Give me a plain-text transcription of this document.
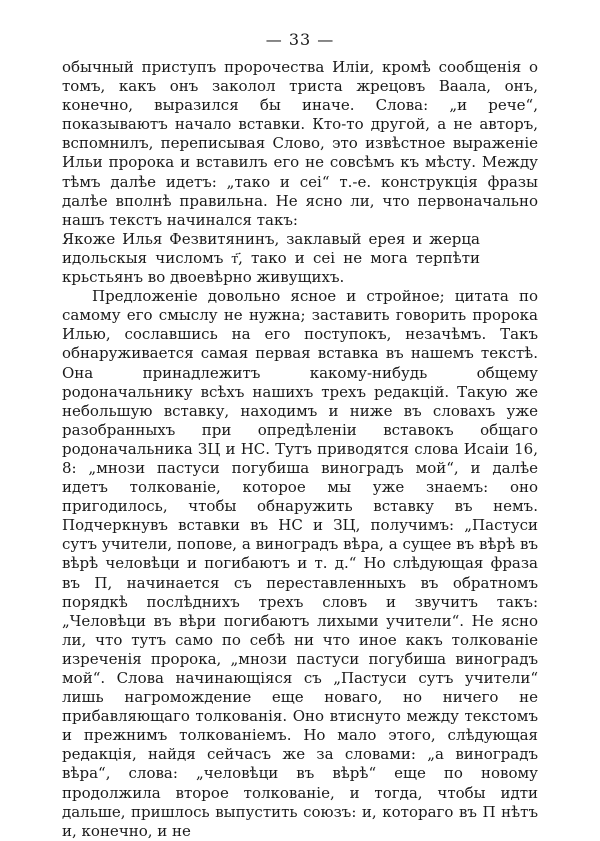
— 33 —

обычный приступъ пророчества Иліи, кромѣ сообщенія о томъ, какъ онъ заколол триста жрецовъ Ваала, онъ, конечно, выразился бы иначе. Слова: „и рече“, показываютъ начало вставки. Кто-то другой, а не авторъ, вспомнилъ, переписывая Слово, это извѣстное выраженіе Ильи пророка и вставилъ его не совсѣмъ къ мѣсту. Между тѣмъ далѣе идетъ: „тако и сеі“ т.-е. конструкція фразы далѣе вполнѣ правильна. Не ясно ли, что первоначально нашъ текстъ начинался такъ:

Якоже Илья Фезвитянинъ, заклавый ерея и жерца идольскыя числомъ т҃, тако и сеі не могa терпѣти крьстьянъ во двоевѣрно живущихъ.

Предложеніе довольно ясное и стройное; цитата по самому его смыслу не нужна; заставить говорить пророка Илью, сославшись на его поступокъ, незачѣмъ. Такъ обнаруживается самая первая вставка въ нашемъ текстѣ. Она принадлежитъ какому-нибудь общему родоначальнику всѣхъ нашихъ трехъ редакцій. Такую же небольшую вставку, находимъ и ниже въ словахъ уже разобранныхъ при опредѣленіи вставокъ общаго родоначальника ЗЦ и НС. Тутъ приводятся слова Исаіи 16, 8: „мнози пастуси погубиша виноградъ мой“, и далѣе идетъ толкованіе, которое мы уже знаемъ: оно пригодилось, чтобы обнаружить вставку въ немъ. Подчеркнувъ вставки въ НС и ЗЦ, получимъ: „Пастуси сутъ учители, попове, а виноградъ вѣра, а сущее въ вѣрѣ въ вѣрѣ человѣци и погибаютъ и т. д.“ Но слѣдующая фраза въ П, начинается съ переставленныхъ въ обратномъ порядкѣ послѣднихъ трехъ словъ и звучитъ такъ: „Человѣци въ вѣри погибаютъ лихыми учители“. Не ясно ли, что тутъ само по себѣ ни что иное какъ толкованіе изреченія пророка, „мнози пастуси погубиша виноградъ мой“. Слова начинающіяся съ „Пастуси сутъ учители“ лишь нагромождение еще новаго, но ничего не прибавляющаго толкованія. Оно втиснуто между текстомъ и прежнимъ толкованіемъ. Но мало этого, слѣдующая редакція, найдя сейчасъ же за словами: „а виноградъ вѣра“, слова: „человѣци въ вѣрѣ“ еще по новому продолжила второе толкованіе, и тогда, чтобы идти дальше, пришлось выпустить союзъ: и, котораго въ П нѣтъ и, конечно, и не
